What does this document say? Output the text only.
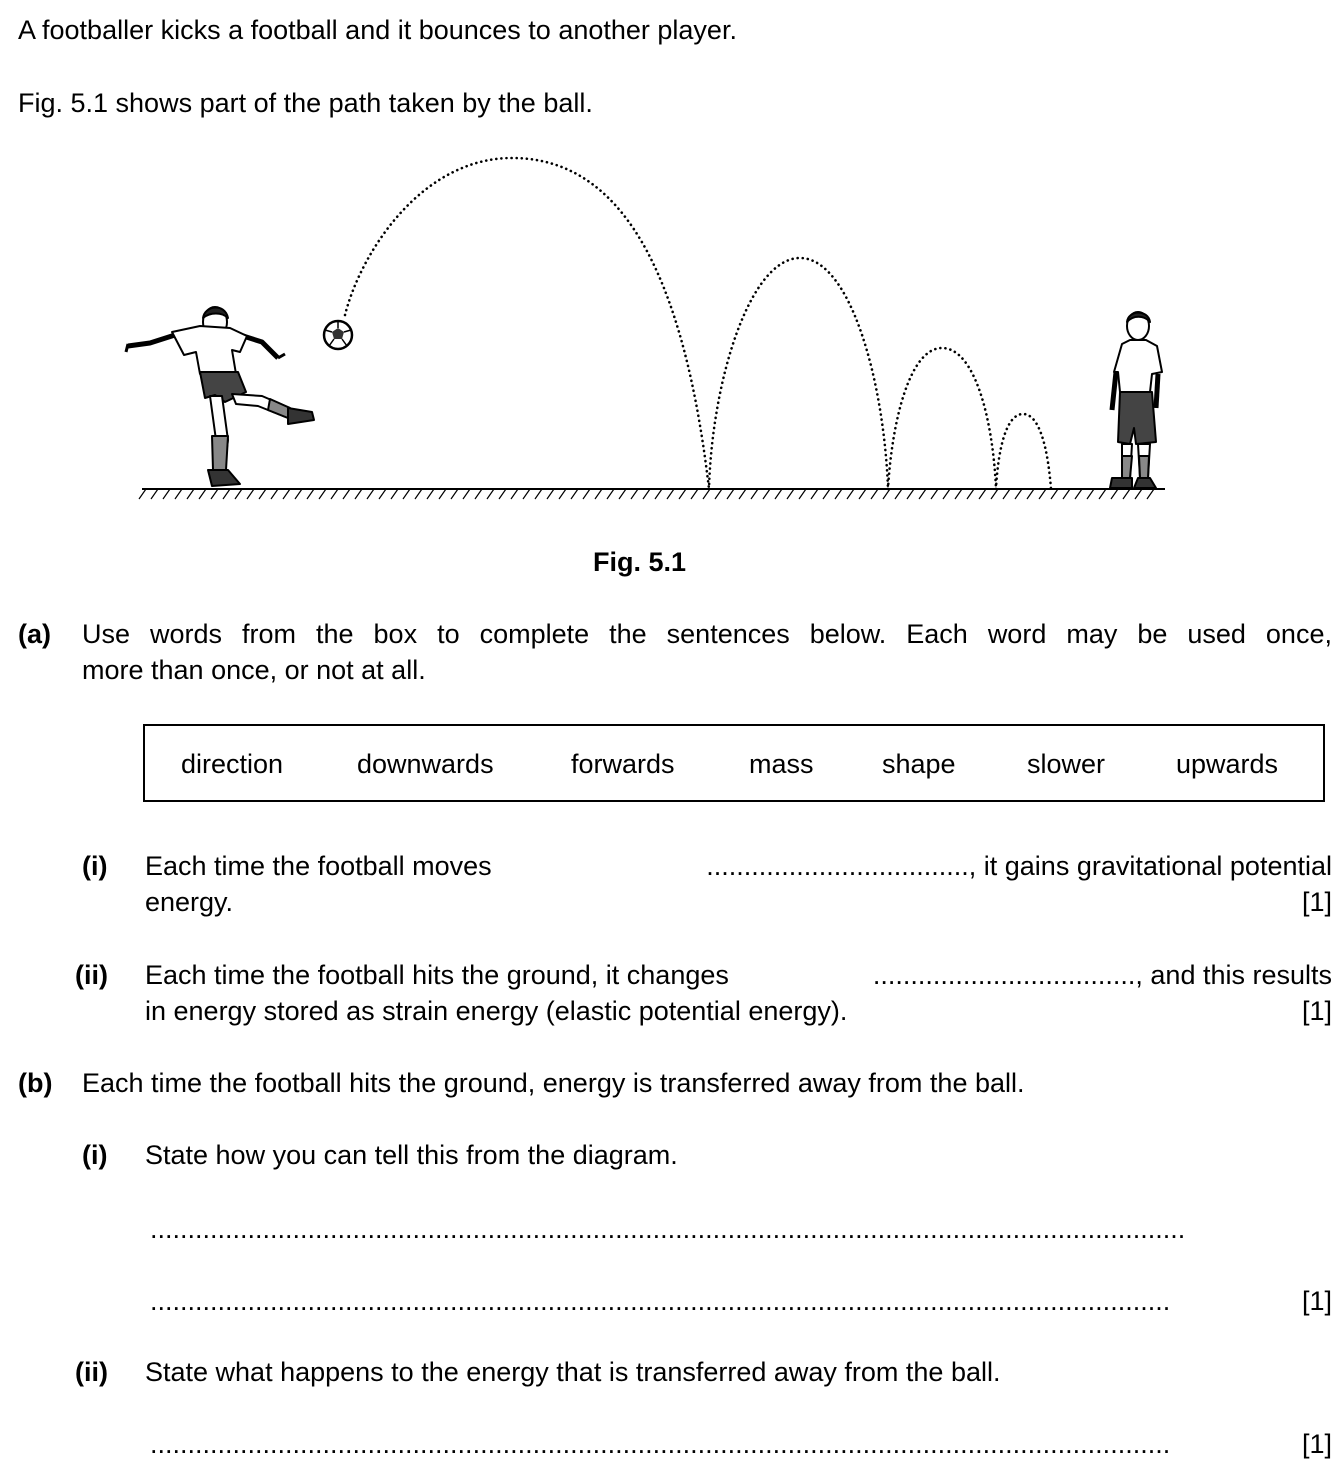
A footballer kicks a football and it bounces to another player.
Fig. 5.1 shows part of the path taken by the ball.
Fig. 5.1
(a) Use words from the box to complete the sentences below. Each word may be used once,
more than once, or not at all.
direction	downwards	forwards	mass	shape	slower	upwards
(i) Each time the football moves	..................................., it gains gravitational potential
energy.	[1]
(ii) Each time the football hits the ground, it changes	..................................., and this results
in energy stored as strain energy (elastic potential energy).	[1]
(b) Each time the football hits the ground, energy is transferred away from the ball.
(i) State how you can tell this from the diagram.
..........................................................................................................................................
........................................................................................................................................	[1]
(ii) State what happens to the energy that is transferred away from the ball.
........................................................................................................................................	[1]
